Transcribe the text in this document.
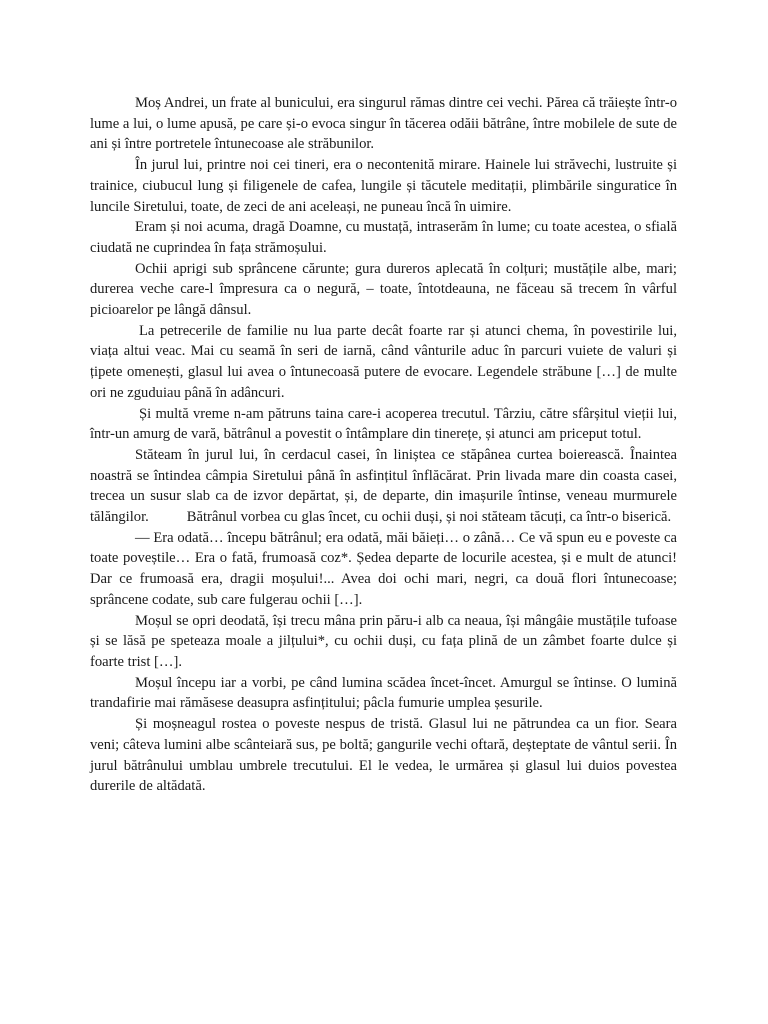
Moș Andrei, un frate al bunicului, era singurul rămas dintre cei vechi. Părea că trăiește într-o lume a lui, o lume apusă, pe care și-o evoca singur în tăcerea odăii bătrâne, între mobilele de sute de ani și între portretele întunecoase ale străbunilor.

În jurul lui, printre noi cei tineri, era o necontenită mirare. Hainele lui străvechi, lustruite și trainice, ciubucul lung și filigenele de cafea, lungile și tăcutele meditații, plimbările singuratice în luncile Siretului, toate, de zeci de ani aceleași, ne puneau încă în uimire.

Eram și noi acuma, dragă Doamne, cu mustață, intraserăm în lume; cu toate acestea, o sfială ciudată ne cuprindea în fața strămoșului.

Ochii aprigi sub sprâncene cărunte; gura dureros aplecată în colțuri; mustățile albe, mari; durerea veche care-l împresura ca o negură, – toate, întotdeauna, ne făceau să trecem în vârful picioarelor pe lângă dânsul.

La petrecerile de familie nu lua parte decât foarte rar și atunci chema, în povestirile lui, viața altui veac. Mai cu seamă în seri de iarnă, când vânturile aduc în parcuri vuiete de valuri și țipete omenești, glasul lui avea o întunecoasă putere de evocare. Legendele străbune […] de multe ori ne zguduiau până în adâncuri.

Și multă vreme n-am pătruns taina care-i acoperea trecutul. Târziu, către sfârșitul vieții lui, într-un amurg de vară, bătrânul a povestit o întâmplare din tinerețe, și atunci am priceput totul.

Stăteam în jurul lui, în cerdacul casei, în liniștea ce stăpânea curtea boierească. Înaintea noastră se întindea câmpia Siretului până în asfințitul înflăcărat. Prin livada mare din coasta casei, trecea un susur slab ca de izvor depărtat, și, de departe, din imașurile întinse, veneau murmurele tălăngilor.	Bătrânul vorbea cu glas încet, cu ochii duși, și noi stăteam tăcuți, ca într-o biserică.

— Era odată… începu bătrânul; era odată, măi băieți… o zână… Ce vă spun eu e poveste ca toate poveștile… Era o fată, frumoasă coz*. Ședea departe de locurile acestea, și e mult de atunci! Dar ce frumoasă era, dragii moșului!... Avea doi ochi mari, negri, ca două flori întunecoase; sprâncene codate, sub care fulgerau ochii […].

Moșul se opri deodată, își trecu mâna prin păru-i alb ca neaua, își mângâie mustățile tufoase și se lăsă pe speteaza moale a jilțului*, cu ochii duși, cu fața plină de un zâmbet foarte dulce și foarte trist […].

Moșul începu iar a vorbi, pe când lumina scădea încet-încet. Amurgul se întinse. O lumină trandafirie mai rămăsese deasupra asfințitului; pâcla fumurie umplea șesurile.

Și moșneagul rostea o poveste nespus de tristă. Glasul lui ne pătrundea ca un fior. Seara veni; câteva lumini albe scânteiară sus, pe boltă; gangurile vechi oftară, deșteptate de vântul serii. În jurul bătrânului umblau umbrele trecutului. El le vedea, le urmărea și glasul lui duios povestea durerile de altădată.
